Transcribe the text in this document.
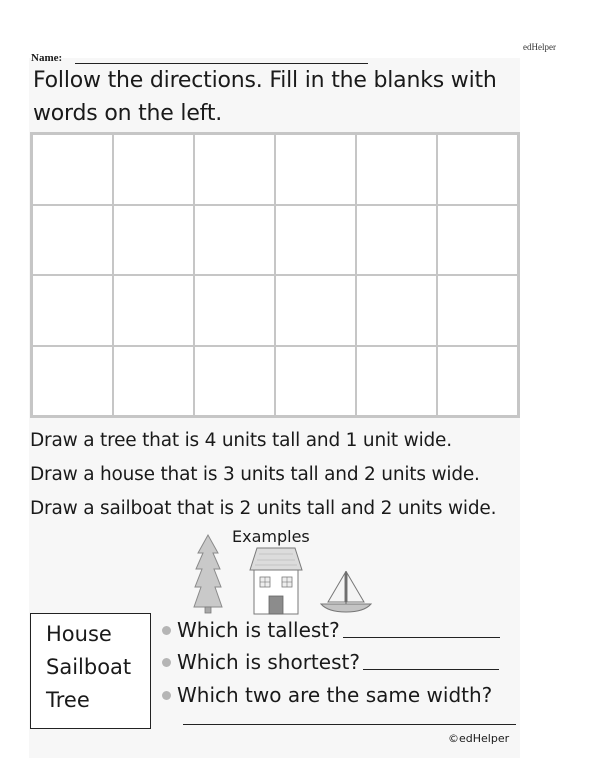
Name:
edHelper
Follow the directions. Fill in the blanks with words on the left.
Draw a tree that is 4 units tall and 1 unit wide.
Draw a house that is 3 units tall and 2 units wide.
Draw a sailboat that is 2 units tall and 2 units wide.
Examples
House
Sailboat
Tree
Which is tallest?
Which is shortest?
Which two are the same width?
©edHelper
